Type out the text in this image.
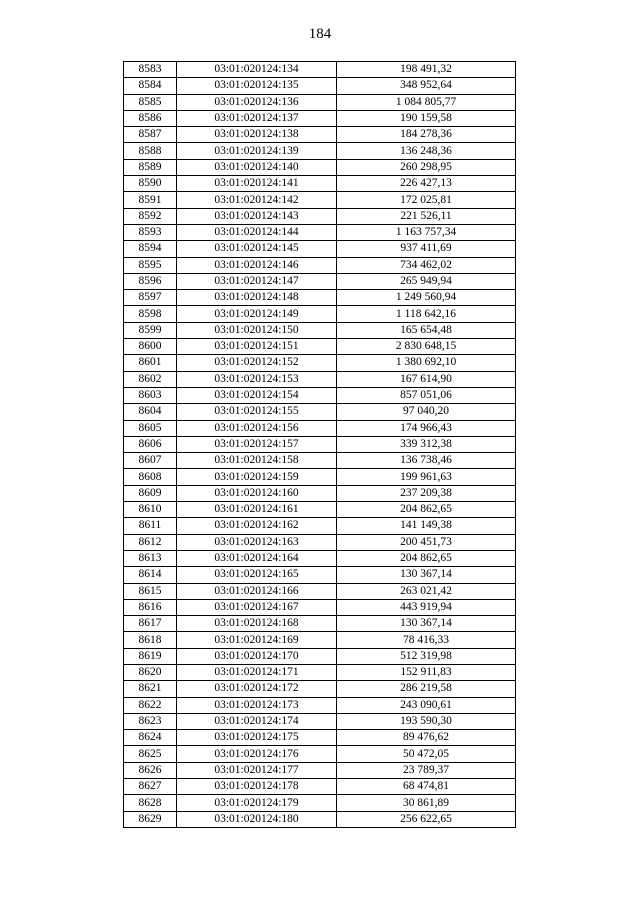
184
8583	03:01:020124:134	198 491,32
8584	03:01:020124:135	348 952,64
8585	03:01:020124:136	1 084 805,77
8586	03:01:020124:137	190 159,58
8587	03:01:020124:138	184 278,36
8588	03:01:020124:139	136 248,36
8589	03:01:020124:140	260 298,95
8590	03:01:020124:141	226 427,13
8591	03:01:020124:142	172 025,81
8592	03:01:020124:143	221 526,11
8593	03:01:020124:144	1 163 757,34
8594	03:01:020124:145	937 411,69
8595	03:01:020124:146	734 462,02
8596	03:01:020124:147	265 949,94
8597	03:01:020124:148	1 249 560,94
8598	03:01:020124:149	1 118 642,16
8599	03:01:020124:150	165 654,48
8600	03:01:020124:151	2 830 648,15
8601	03:01:020124:152	1 380 692,10
8602	03:01:020124:153	167 614,90
8603	03:01:020124:154	857 051,06
8604	03:01:020124:155	97 040,20
8605	03:01:020124:156	174 966,43
8606	03:01:020124:157	339 312,38
8607	03:01:020124:158	136 738,46
8608	03:01:020124:159	199 961,63
8609	03:01:020124:160	237 209,38
8610	03:01:020124:161	204 862,65
8611	03:01:020124:162	141 149,38
8612	03:01:020124:163	200 451,73
8613	03:01:020124:164	204 862,65
8614	03:01:020124:165	130 367,14
8615	03:01:020124:166	263 021,42
8616	03:01:020124:167	443 919,94
8617	03:01:020124:168	130 367,14
8618	03:01:020124:169	78 416,33
8619	03:01:020124:170	512 319,98
8620	03:01:020124:171	152 911,83
8621	03:01:020124:172	286 219,58
8622	03:01:020124:173	243 090,61
8623	03:01:020124:174	193 590,30
8624	03:01:020124:175	89 476,62
8625	03:01:020124:176	50 472,05
8626	03:01:020124:177	23 789,37
8627	03:01:020124:178	68 474,81
8628	03:01:020124:179	30 861,89
8629	03:01:020124:180	256 622,65
